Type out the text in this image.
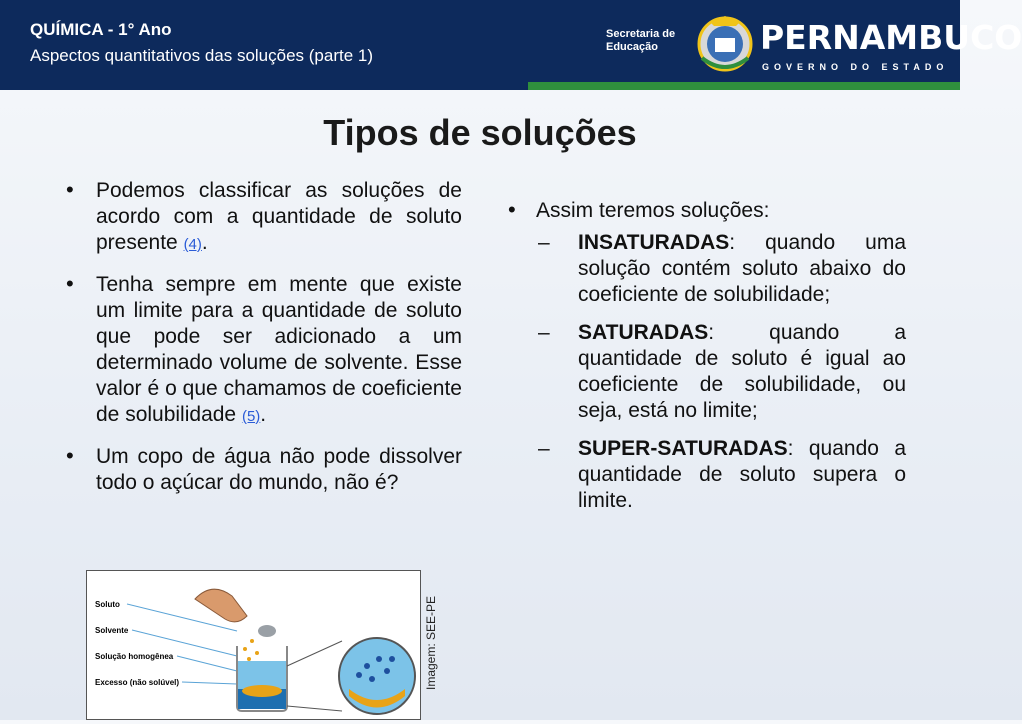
QUÍMICA - 1° Ano
Aspectos quantitativos das soluções (parte 1)
Secretaria de
Educação	PERNAMBUCO
GOVERNO DO ESTADO
Tipos de soluções
• Podemos classificar as soluções de acordo com a quantidade de soluto presente (4).
• Tenha sempre em mente que existe um limite para a quantidade de soluto que pode ser adicionado a um determinado volume de solvente. Esse valor é o que chamamos de coeficiente de solubilidade (5).
• Um copo de água não pode dissolver todo o açúcar do mundo, não é?
• Assim teremos soluções:
– INSATURADAS: quando uma solução contém soluto abaixo do coeficiente de solubilidade;
– SATURADAS: quando a quantidade de soluto é igual ao coeficiente de solubilidade, ou seja, está no limite;
– SUPER-SATURADAS: quando a quantidade de soluto supera o limite.
Soluto
Solvente
Solução homogênea
Excesso (não solúvel)	Imagem: SEE-PE
